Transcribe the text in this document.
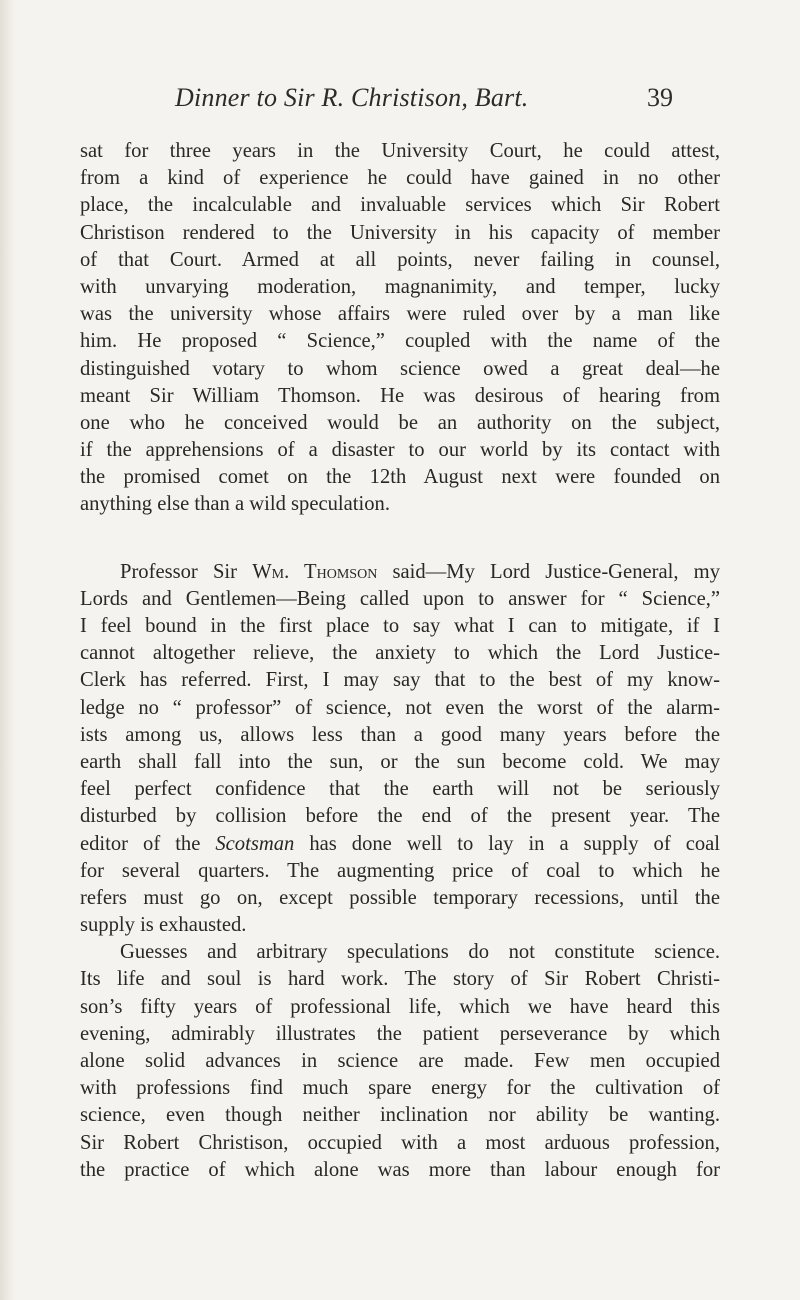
Dinner to Sir R. Christison, Bart.	39
sat for three years in the University Court, he could attest,
from a kind of experience he could have gained in no other
place, the incalculable and invaluable services which Sir Robert
Christison rendered to the University in his capacity of member
of that Court. Armed at all points, never failing in counsel,
with unvarying moderation, magnanimity, and temper, lucky
was the university whose affairs were ruled over by a man like
him. He proposed “ Science,” coupled with the name of the
distinguished votary to whom science owed a great deal—he
meant Sir William Thomson. He was desirous of hearing from
one who he conceived would be an authority on the subject,
if the apprehensions of a disaster to our world by its contact with
the promised comet on the 12th August next were founded on
anything else than a wild speculation.
Professor Sir Wm. Thomson said—My Lord Justice-General, my
Lords and Gentlemen—Being called upon to answer for “ Science,”
I feel bound in the first place to say what I can to mitigate, if I
cannot altogether relieve, the anxiety to which the Lord Justice-
Clerk has referred. First, I may say that to the best of my know-
ledge no “ professor” of science, not even the worst of the alarm-
ists among us, allows less than a good many years before the
earth shall fall into the sun, or the sun become cold. We may
feel perfect confidence that the earth will not be seriously
disturbed by collision before the end of the present year. The
editor of the Scotsman has done well to lay in a supply of coal
for several quarters. The augmenting price of coal to which he
refers must go on, except possible temporary recessions, until the
supply is exhausted.
Guesses and arbitrary speculations do not constitute science.
Its life and soul is hard work. The story of Sir Robert Christi-
son’s fifty years of professional life, which we have heard this
evening, admirably illustrates the patient perseverance by which
alone solid advances in science are made. Few men occupied
with professions find much spare energy for the cultivation of
science, even though neither inclination nor ability be wanting.
Sir Robert Christison, occupied with a most arduous profession,
the practice of which alone was more than labour enough for
